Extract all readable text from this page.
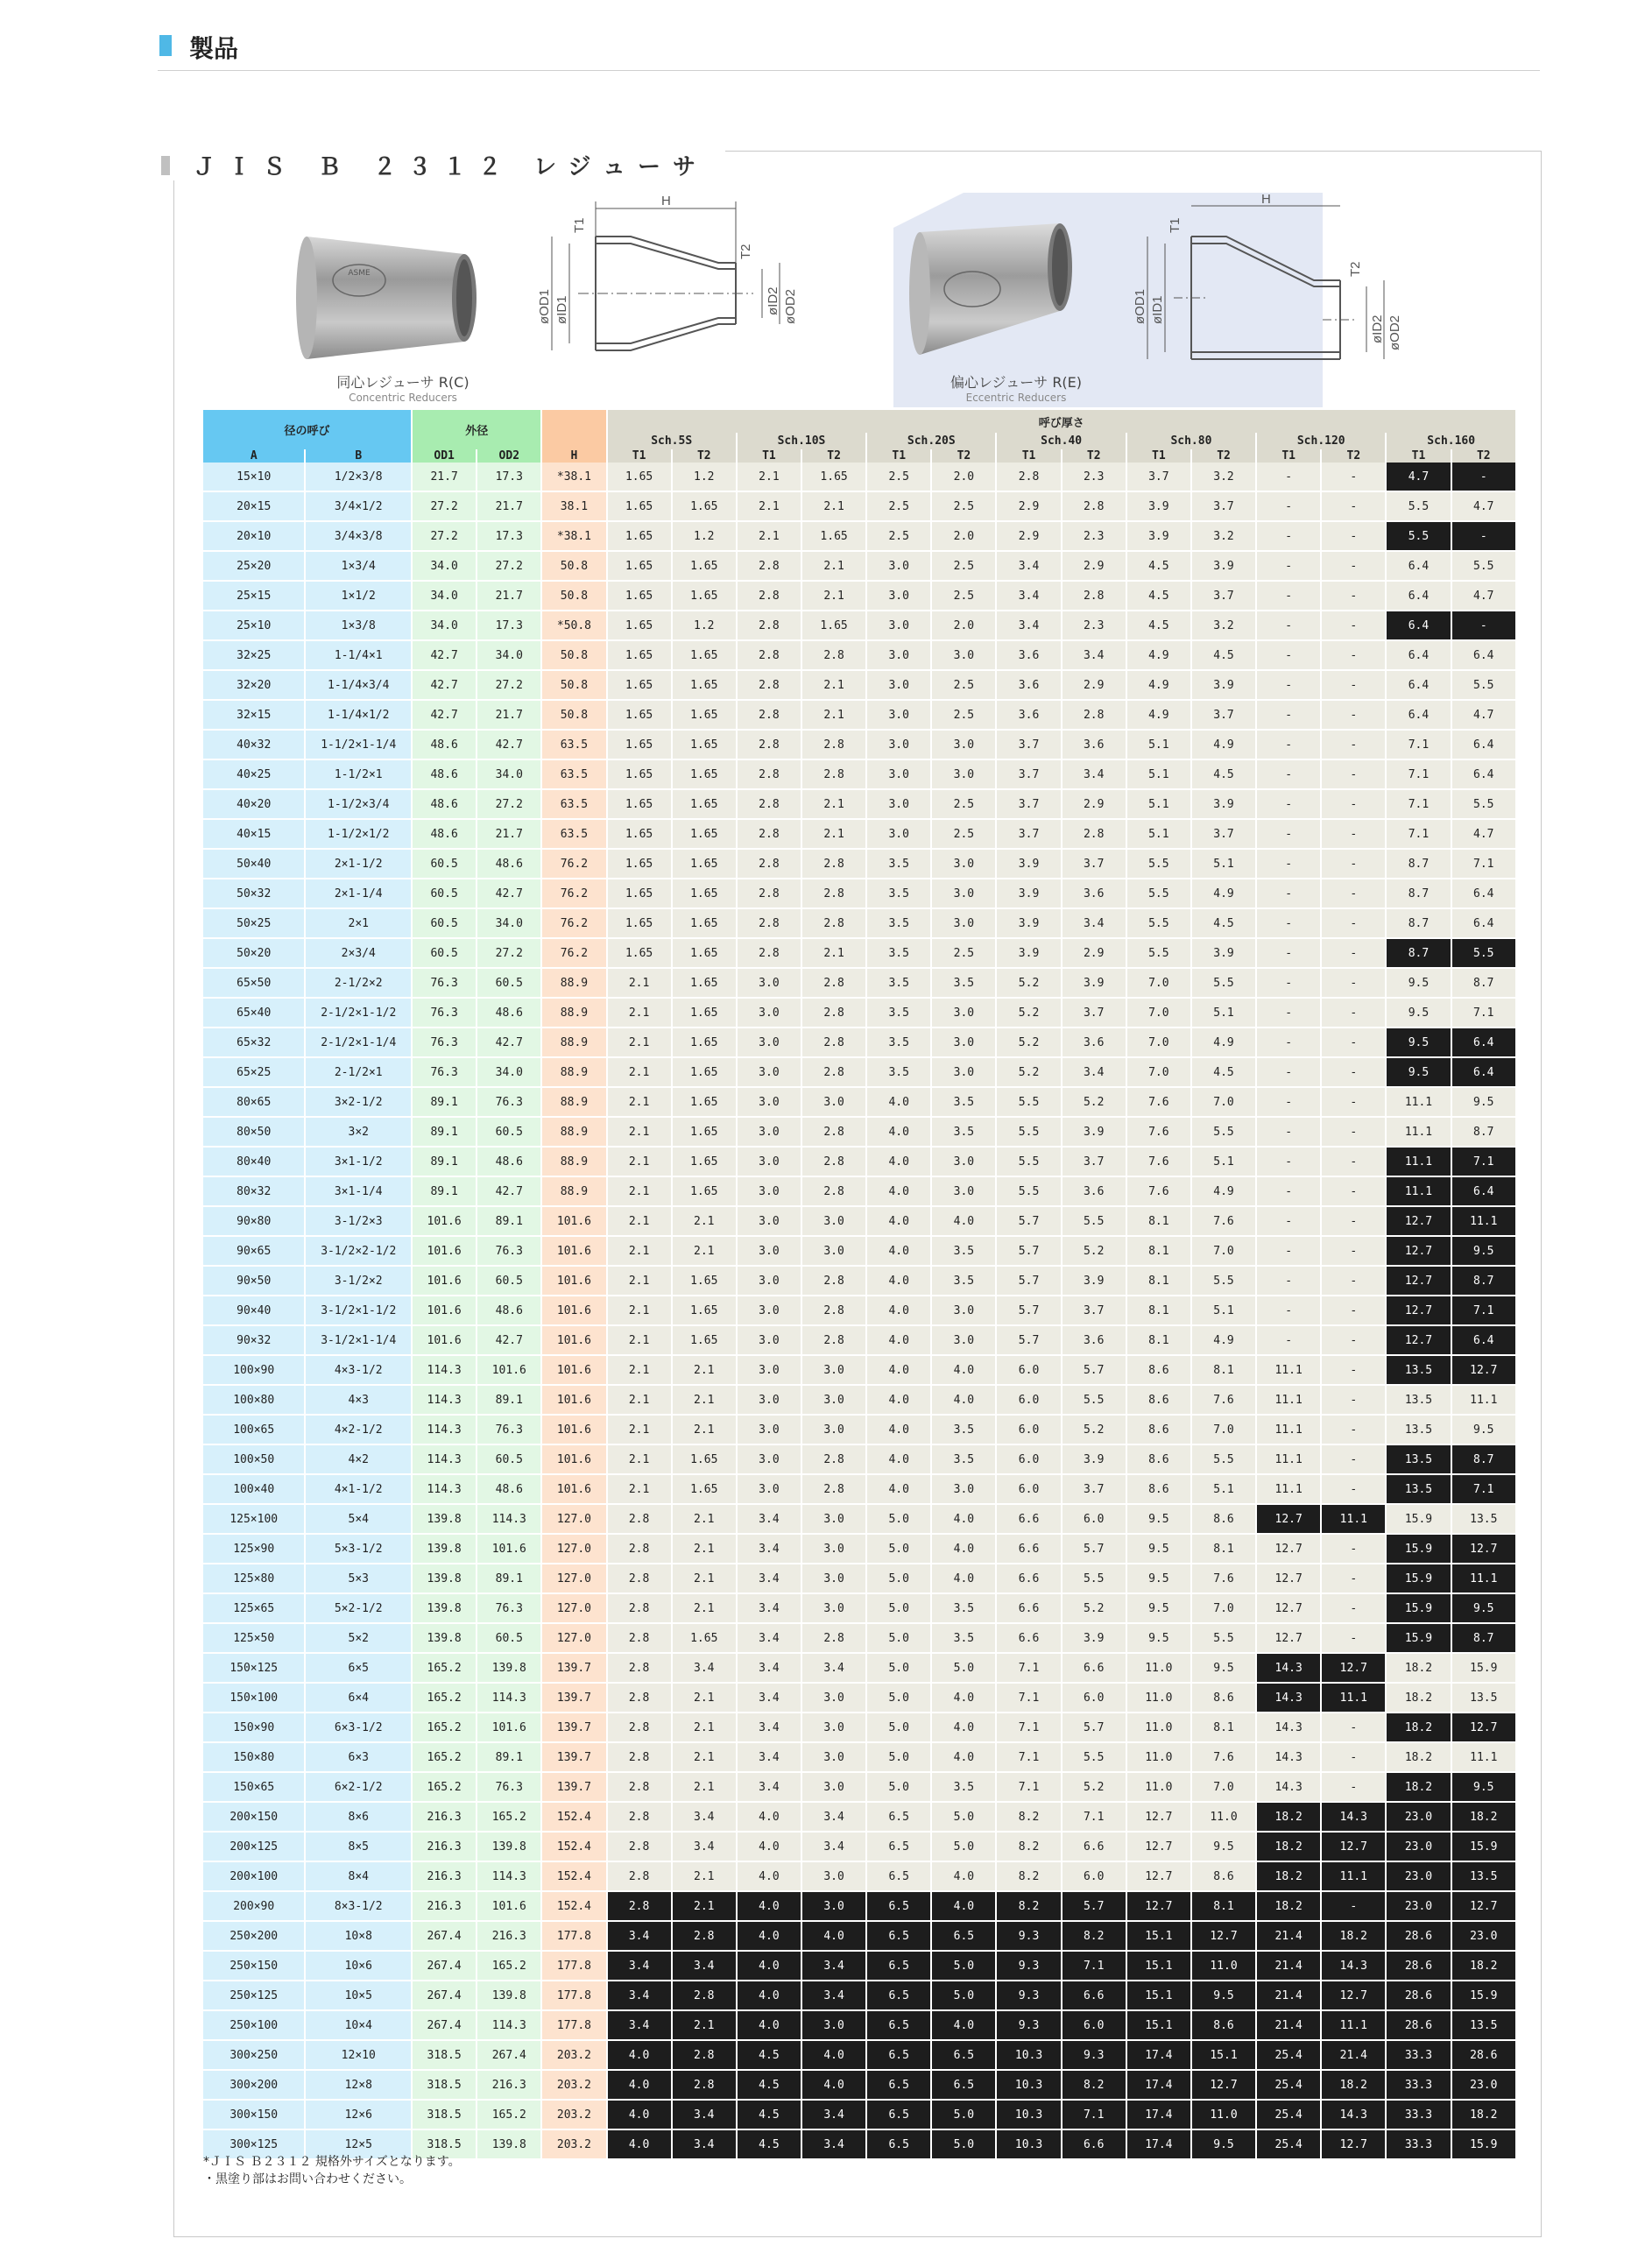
製品
ＪＩＳ Ｂ ２３１２ レジューサ
ASME
H
T1
T2
øOD1 øID1	øID2 øOD2
同心レジューサ R(C)
Concentric Reducers
H
T1
T2
øOD1 øID1
øID2 øOD2
偏心レジューサ R(E)
Eccentric Reducers
径の呼び		外径			呼び厚さ													
					Sch.5S		Sch.10S		Sch.20S		Sch.40		Sch.80		Sch.120		Sch.160	
A	B	OD1	OD2	H	T1	T2	T1	T2	T1	T2	T1	T2	T1	T2	T1	T2	T1	T2
15×10	1/2×3/8	21.7	17.3	*38.1	1.65	1.2	2.1	1.65	2.5	2.0	2.8	2.3	3.7	3.2	-	-	4.7	-
20×15	3/4×1/2	27.2	21.7	38.1	1.65	1.65	2.1	2.1	2.5	2.5	2.9	2.8	3.9	3.7	-	-	5.5	4.7
20×10	3/4×3/8	27.2	17.3	*38.1	1.65	1.2	2.1	1.65	2.5	2.0	2.9	2.3	3.9	3.2	-	-	5.5	-
25×20	1×3/4	34.0	27.2	50.8	1.65	1.65	2.8	2.1	3.0	2.5	3.4	2.9	4.5	3.9	-	-	6.4	5.5
25×15	1×1/2	34.0	21.7	50.8	1.65	1.65	2.8	2.1	3.0	2.5	3.4	2.8	4.5	3.7	-	-	6.4	4.7
25×10	1×3/8	34.0	17.3	*50.8	1.65	1.2	2.8	1.65	3.0	2.0	3.4	2.3	4.5	3.2	-	-	6.4	-
32×25	1-1/4×1	42.7	34.0	50.8	1.65	1.65	2.8	2.8	3.0	3.0	3.6	3.4	4.9	4.5	-	-	6.4	6.4
32×20	1-1/4×3/4	42.7	27.2	50.8	1.65	1.65	2.8	2.1	3.0	2.5	3.6	2.9	4.9	3.9	-	-	6.4	5.5
32×15	1-1/4×1/2	42.7	21.7	50.8	1.65	1.65	2.8	2.1	3.0	2.5	3.6	2.8	4.9	3.7	-	-	6.4	4.7
40×32	1-1/2×1-1/4	48.6	42.7	63.5	1.65	1.65	2.8	2.8	3.0	3.0	3.7	3.6	5.1	4.9	-	-	7.1	6.4
40×25	1-1/2×1	48.6	34.0	63.5	1.65	1.65	2.8	2.8	3.0	3.0	3.7	3.4	5.1	4.5	-	-	7.1	6.4
40×20	1-1/2×3/4	48.6	27.2	63.5	1.65	1.65	2.8	2.1	3.0	2.5	3.7	2.9	5.1	3.9	-	-	7.1	5.5
40×15	1-1/2×1/2	48.6	21.7	63.5	1.65	1.65	2.8	2.1	3.0	2.5	3.7	2.8	5.1	3.7	-	-	7.1	4.7
50×40	2×1-1/2	60.5	48.6	76.2	1.65	1.65	2.8	2.8	3.5	3.0	3.9	3.7	5.5	5.1	-	-	8.7	7.1
50×32	2×1-1/4	60.5	42.7	76.2	1.65	1.65	2.8	2.8	3.5	3.0	3.9	3.6	5.5	4.9	-	-	8.7	6.4
50×25	2×1	60.5	34.0	76.2	1.65	1.65	2.8	2.8	3.5	3.0	3.9	3.4	5.5	4.5	-	-	8.7	6.4
50×20	2×3/4	60.5	27.2	76.2	1.65	1.65	2.8	2.1	3.5	2.5	3.9	2.9	5.5	3.9	-	-	8.7	5.5
65×50	2-1/2×2	76.3	60.5	88.9	2.1	1.65	3.0	2.8	3.5	3.5	5.2	3.9	7.0	5.5	-	-	9.5	8.7
65×40	2-1/2×1-1/2	76.3	48.6	88.9	2.1	1.65	3.0	2.8	3.5	3.0	5.2	3.7	7.0	5.1	-	-	9.5	7.1
65×32	2-1/2×1-1/4	76.3	42.7	88.9	2.1	1.65	3.0	2.8	3.5	3.0	5.2	3.6	7.0	4.9	-	-	9.5	6.4
65×25	2-1/2×1	76.3	34.0	88.9	2.1	1.65	3.0	2.8	3.5	3.0	5.2	3.4	7.0	4.5	-	-	9.5	6.4
80×65	3×2-1/2	89.1	76.3	88.9	2.1	1.65	3.0	3.0	4.0	3.5	5.5	5.2	7.6	7.0	-	-	11.1	9.5
80×50	3×2	89.1	60.5	88.9	2.1	1.65	3.0	2.8	4.0	3.5	5.5	3.9	7.6	5.5	-	-	11.1	8.7
80×40	3×1-1/2	89.1	48.6	88.9	2.1	1.65	3.0	2.8	4.0	3.0	5.5	3.7	7.6	5.1	-	-	11.1	7.1
80×32	3×1-1/4	89.1	42.7	88.9	2.1	1.65	3.0	2.8	4.0	3.0	5.5	3.6	7.6	4.9	-	-	11.1	6.4
90×80	3-1/2×3	101.6	89.1	101.6	2.1	2.1	3.0	3.0	4.0	4.0	5.7	5.5	8.1	7.6	-	-	12.7	11.1
90×65	3-1/2×2-1/2	101.6	76.3	101.6	2.1	2.1	3.0	3.0	4.0	3.5	5.7	5.2	8.1	7.0	-	-	12.7	9.5
90×50	3-1/2×2	101.6	60.5	101.6	2.1	1.65	3.0	2.8	4.0	3.5	5.7	3.9	8.1	5.5	-	-	12.7	8.7
90×40	3-1/2×1-1/2	101.6	48.6	101.6	2.1	1.65	3.0	2.8	4.0	3.0	5.7	3.7	8.1	5.1	-	-	12.7	7.1
90×32	3-1/2×1-1/4	101.6	42.7	101.6	2.1	1.65	3.0	2.8	4.0	3.0	5.7	3.6	8.1	4.9	-	-	12.7	6.4
100×90	4×3-1/2	114.3	101.6	101.6	2.1	2.1	3.0	3.0	4.0	4.0	6.0	5.7	8.6	8.1	11.1	-	13.5	12.7
100×80	4×3	114.3	89.1	101.6	2.1	2.1	3.0	3.0	4.0	4.0	6.0	5.5	8.6	7.6	11.1	-	13.5	11.1
100×65	4×2-1/2	114.3	76.3	101.6	2.1	2.1	3.0	3.0	4.0	3.5	6.0	5.2	8.6	7.0	11.1	-	13.5	9.5
100×50	4×2	114.3	60.5	101.6	2.1	1.65	3.0	2.8	4.0	3.5	6.0	3.9	8.6	5.5	11.1	-	13.5	8.7
100×40	4×1-1/2	114.3	48.6	101.6	2.1	1.65	3.0	2.8	4.0	3.0	6.0	3.7	8.6	5.1	11.1	-	13.5	7.1
125×100	5×4	139.8	114.3	127.0	2.8	2.1	3.4	3.0	5.0	4.0	6.6	6.0	9.5	8.6	12.7	11.1	15.9	13.5
125×90	5×3-1/2	139.8	101.6	127.0	2.8	2.1	3.4	3.0	5.0	4.0	6.6	5.7	9.5	8.1	12.7	-	15.9	12.7
125×80	5×3	139.8	89.1	127.0	2.8	2.1	3.4	3.0	5.0	4.0	6.6	5.5	9.5	7.6	12.7	-	15.9	11.1
125×65	5×2-1/2	139.8	76.3	127.0	2.8	2.1	3.4	3.0	5.0	3.5	6.6	5.2	9.5	7.0	12.7	-	15.9	9.5
125×50	5×2	139.8	60.5	127.0	2.8	1.65	3.4	2.8	5.0	3.5	6.6	3.9	9.5	5.5	12.7	-	15.9	8.7
150×125	6×5	165.2	139.8	139.7	2.8	3.4	3.4	3.4	5.0	5.0	7.1	6.6	11.0	9.5	14.3	12.7	18.2	15.9
150×100	6×4	165.2	114.3	139.7	2.8	2.1	3.4	3.0	5.0	4.0	7.1	6.0	11.0	8.6	14.3	11.1	18.2	13.5
150×90	6×3-1/2	165.2	101.6	139.7	2.8	2.1	3.4	3.0	5.0	4.0	7.1	5.7	11.0	8.1	14.3	-	18.2	12.7
150×80	6×3	165.2	89.1	139.7	2.8	2.1	3.4	3.0	5.0	4.0	7.1	5.5	11.0	7.6	14.3	-	18.2	11.1
150×65	6×2-1/2	165.2	76.3	139.7	2.8	2.1	3.4	3.0	5.0	3.5	7.1	5.2	11.0	7.0	14.3	-	18.2	9.5
200×150	8×6	216.3	165.2	152.4	2.8	3.4	4.0	3.4	6.5	5.0	8.2	7.1	12.7	11.0	18.2	14.3	23.0	18.2
200×125	8×5	216.3	139.8	152.4	2.8	3.4	4.0	3.4	6.5	5.0	8.2	6.6	12.7	9.5	18.2	12.7	23.0	15.9
200×100	8×4	216.3	114.3	152.4	2.8	2.1	4.0	3.0	6.5	4.0	8.2	6.0	12.7	8.6	18.2	11.1	23.0	13.5
200×90	8×3-1/2	216.3	101.6	152.4	2.8	2.1	4.0	3.0	6.5	4.0	8.2	5.7	12.7	8.1	18.2	-	23.0	12.7
250×200	10×8	267.4	216.3	177.8	3.4	2.8	4.0	4.0	6.5	6.5	9.3	8.2	15.1	12.7	21.4	18.2	28.6	23.0
250×150	10×6	267.4	165.2	177.8	3.4	3.4	4.0	3.4	6.5	5.0	9.3	7.1	15.1	11.0	21.4	14.3	28.6	18.2
250×125	10×5	267.4	139.8	177.8	3.4	2.8	4.0	3.4	6.5	5.0	9.3	6.6	15.1	9.5	21.4	12.7	28.6	15.9
250×100	10×4	267.4	114.3	177.8	3.4	2.1	4.0	3.0	6.5	4.0	9.3	6.0	15.1	8.6	21.4	11.1	28.6	13.5
300×250	12×10	318.5	267.4	203.2	4.0	2.8	4.5	4.0	6.5	6.5	10.3	9.3	17.4	15.1	25.4	21.4	33.3	28.6
300×200	12×8	318.5	216.3	203.2	4.0	2.8	4.5	4.0	6.5	6.5	10.3	8.2	17.4	12.7	25.4	18.2	33.3	23.0
300×150	12×6	318.5	165.2	203.2	4.0	3.4	4.5	3.4	6.5	5.0	10.3	7.1	17.4	11.0	25.4	14.3	33.3	18.2
300×125	12×5	318.5	139.8	203.2	4.0	3.4	4.5	3.4	6.5	5.0	10.3	6.6	17.4	9.5	25.4	12.7	33.3	15.9
*ＪＩＳ Ｂ２３１２ 規格外サイズとなります。
・黒塗り部はお問い合わせください。
